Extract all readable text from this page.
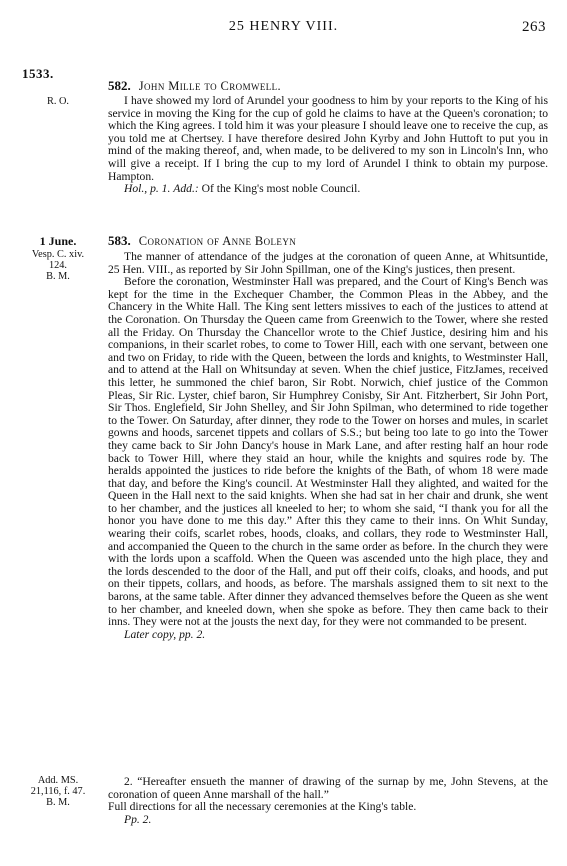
25 HENRY VIII.	263
1533.
R. O.
582. John Mille to Cromwell.

I have showed my lord of Arundel your goodness to him by your reports to the King of his service in moving the King for the cup of gold he claims to have at the Queen's coronation; to which the King agrees. I told him it was your pleasure I should leave one to receive the cup, as you told me at Chertsey. I have therefore desired John Kyrby and John Huttoft to put you in mind of the making thereof, and, when made, to be delivered to my son in Lincoln's Inn, who will give a receipt. If I bring the cup to my lord of Arundel I think to obtain my purpose. Hampton.

Hol., p. 1. Add.: Of the King's most noble Council.

1 June.
Vesp. C. xiv.
124.
B. M.
583. Coronation of Anne Boleyn

The manner of attendance of the judges at the coronation of queen Anne, at Whitsuntide, 25 Hen. VIII., as reported by Sir John Spillman, one of the King's justices, then present.

Before the coronation, Westminster Hall was prepared, and the Court of King's Bench was kept for the time in the Exchequer Chamber, the Common Pleas in the Abbey, and the Chancery in the White Hall. The King sent letters missives to each of the justices to attend at the Coronation. On Thursday the Queen came from Greenwich to the Tower, where she rested all the Friday. On Thursday the Chancellor wrote to the Chief Justice, desiring him and his companions, in their scarlet robes, to come to Tower Hill, each with one servant, between one and two on Friday, to ride with the Queen, between the lords and knights, to Westminster Hall, and to attend at the Hall on Whitsunday at seven. When the chief justice, FitzJames, received this letter, he summoned the chief baron, Sir Robt. Norwich, chief justice of the Common Pleas, Sir Ric. Lyster, chief baron, Sir Humphrey Conisby, Sir Ant. Fitzherbert, Sir John Port, Sir Thos. Englefield, Sir John Shelley, and Sir John Spilman, who determined to ride together to the Tower. On Saturday, after dinner, they rode to the Tower on horses and mules, in scarlet gowns and hoods, sarcenet tippets and collars of S.S.; but being too late to go into the Tower they came back to Sir John Dancy's house in Mark Lane, and after resting half an hour rode back to Tower Hill, where they staid an hour, while the knights and squires rode by. The heralds appointed the justices to ride before the knights of the Bath, of whom 18 were made that day, and before the King's council. At Westminster Hall they alighted, and waited for the Queen in the Hall next to the said knights. When she had sat in her chair and drunk, she went to her chamber, and the justices all kneeled to her; to whom she said, “I thank you for all the honor you have done to me this day.” After this they came to their inns. On Whit Sunday, wearing their coifs, scarlet robes, hoods, cloaks, and collars, they rode to Westminster Hall, and accompanied the Queen to the church in the same order as before. In the church they were with the lords upon a scaffold. When the Queen was ascended unto the high place, they and the lords descended to the door of the Hall, and put off their coifs, cloaks, and hoods, and put on their tippets, collars, and hoods, as before. The marshals assigned them to sit next to the barons, at the same table. After dinner they advanced themselves before the Queen as she went to her chamber, and kneeled down, when she spoke as before. They then came back to their inns. They were not at the jousts the next day, for they were not commanded to be present.

Later copy, pp. 2.

Add. MS.
21,116, f. 47.
B. M.

2. “Hereafter ensueth the manner of drawing of the surnap by me, John Stevens, at the coronation of queen Anne marshall of the hall.”

Full directions for all the necessary ceremonies at the King's table.

Pp. 2.
